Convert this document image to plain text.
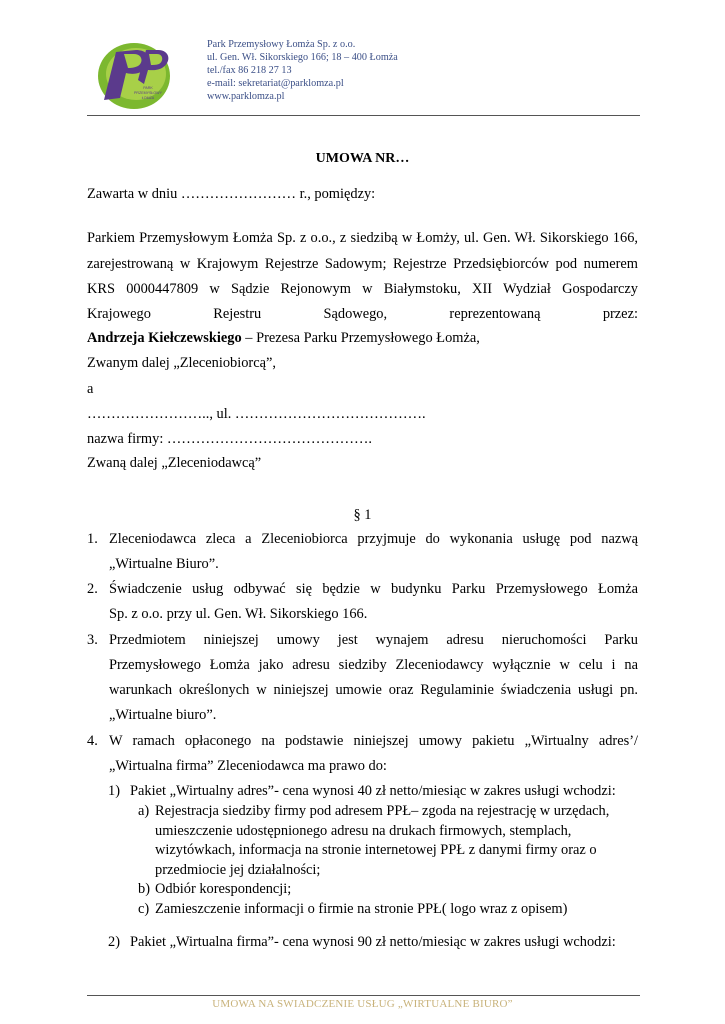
PARK
PRZEMYSŁOWY
ŁOMŻA
Park Przemysłowy Łomża Sp. z o.o.
ul. Gen. Wł. Sikorskiego 166; 18 – 400 Łomża
tel./fax 86 218 27 13
e-mail: sekretariat@parklomza.pl
www.parklomza.pl
UMOWA NR…
Zawarta w dniu …………………… r., pomiędzy:
Parkiem Przemysłowym Łomża Sp. z o.o., z siedzibą w Łomży, ul. Gen. Wł. Sikorskiego 166,
zarejestrowaną w Krajowym Rejestrze Sadowym; Rejestrze Przedsiębiorców pod numerem
KRS 0000447809 w Sądzie Rejonowym w Białymstoku, XII Wydział Gospodarczy
Krajowego	Rejestru	Sądowego,	reprezentowaną	przez:
Andrzeja Kiełczewskiego – Prezesa Parku Przemysłowego Łomża,
Zwanym dalej „Zleceniobiorcą”,
a
…………………….., ul. ………………………………….
nazwa firmy: …………………………………….
Zwaną dalej „Zleceniodawcą”
§ 1
1. Zleceniodawca zleca a Zleceniobiorca przyjmuje do wykonania usługę pod nazwą
„Wirtualne Biuro”.
2. Świadczenie usług odbywać się będzie w budynku Parku Przemysłowego Łomża
Sp. z o.o. przy ul. Gen. Wł. Sikorskiego 166.
3. Przedmiotem niniejszej umowy jest wynajem adresu nieruchomości Parku
Przemysłowego Łomża jako adresu siedziby Zleceniodawcy wyłącznie w celu i na
warunkach określonych w niniejszej umowie oraz Regulaminie świadczenia usługi pn.
„Wirtualne biuro”.
4. W ramach opłaconego na podstawie niniejszej umowy pakietu „Wirtualny adres’/
„Wirtualna firma” Zleceniodawca ma prawo do:
1) Pakiet „Wirtualny adres”- cena wynosi 40 zł netto/miesiąc w zakres usługi wchodzi:
a) Rejestracja siedziby firmy pod adresem PPŁ– zgoda na rejestrację w urzędach,
umieszczenie udostępnionego adresu na drukach firmowych, stemplach,
wizytówkach, informacja na stronie internetowej PPŁ z danymi firmy oraz o
przedmiocie jej działalności;
b) Odbiór korespondencji;
c) Zamieszczenie informacji o firmie na stronie PPŁ( logo wraz z opisem)
2) Pakiet „Wirtualna firma”- cena wynosi 90 zł netto/miesiąc w zakres usługi wchodzi:
UMOWA NA SWIADCZENIE USŁUG „WIRTUALNE BIURO”
